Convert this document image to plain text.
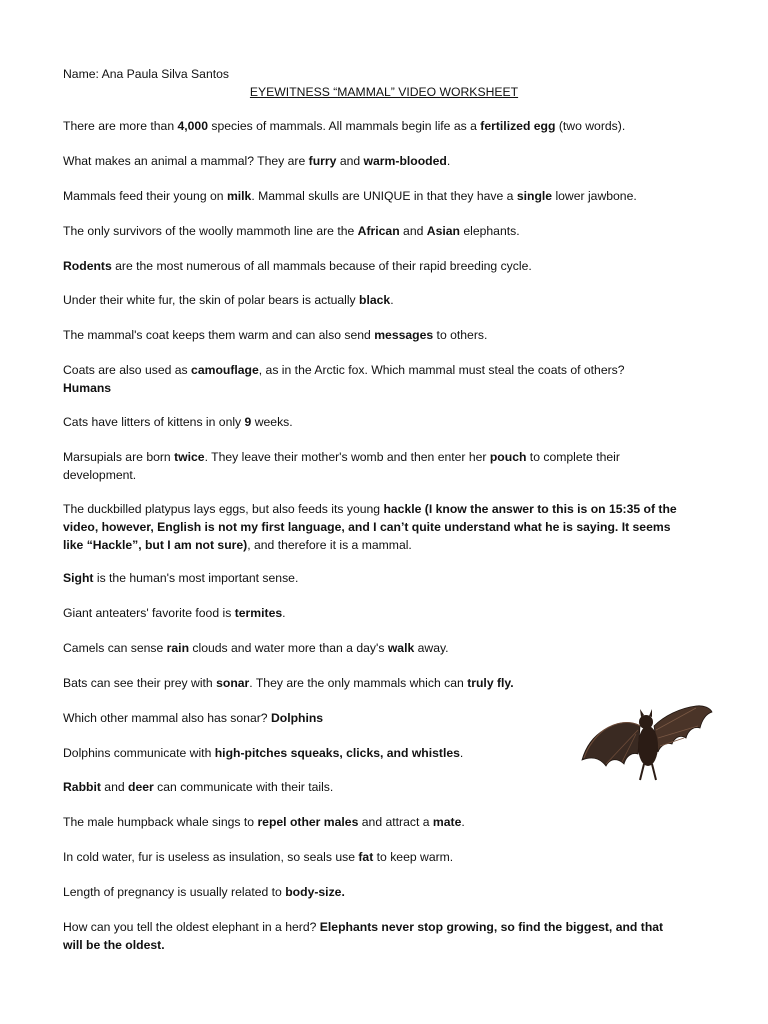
Name: Ana Paula Silva Santos
EYEWITNESS “MAMMAL” VIDEO WORKSHEET
There are more than 4,000 species of mammals. All mammals begin life as a fertilized egg (two words).
What makes an animal a mammal? They are furry and warm-blooded.
Mammals feed their young on milk. Mammal skulls are UNIQUE in that they have a single lower jawbone.
The only survivors of the woolly mammoth line are the African and Asian elephants.
Rodents are the most numerous of all mammals because of their rapid breeding cycle.
Under their white fur, the skin of polar bears is actually black.
The mammal's coat keeps them warm and can also send messages to others.
Coats are also used as camouflage, as in the Arctic fox. Which mammal must steal the coats of others?
Humans
Cats have litters of kittens in only 9 weeks.
Marsupials are born twice. They leave their mother's womb and then enter her pouch to complete their development.
The duckbilled platypus lays eggs, but also feeds its young hackle (I know the answer to this is on 15:35 of the video, however, English is not my first language, and I can’t quite understand what he is saying. It seems like “Hackle”, but I am not sure), and therefore it is a mammal.
Sight is the human's most important sense.
Giant anteaters' favorite food is termites.
Camels can sense rain clouds and water more than a day's walk away.
Bats can see their prey with sonar. They are the only mammals which can truly fly.
Which other mammal also has sonar? Dolphins
Dolphins communicate with high-pitches squeaks, clicks, and whistles.
Rabbit and deer can communicate with their tails.
The male humpback whale sings to repel other males and attract a mate.
In cold water, fur is useless as insulation, so seals use fat to keep warm.
Length of pregnancy is usually related to body-size.
How can you tell the oldest elephant in a herd? Elephants never stop growing, so find the biggest, and that will be the oldest.
